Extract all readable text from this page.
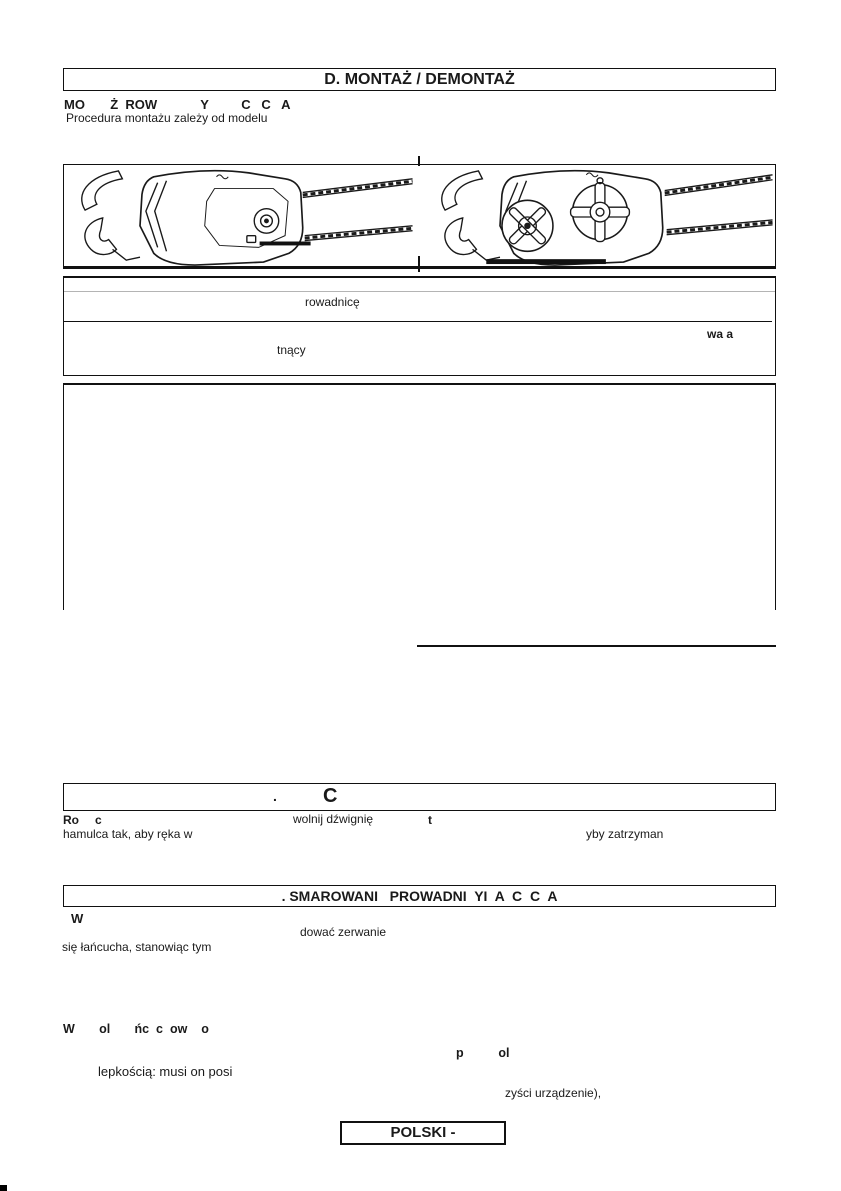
D. MONTAŻ / DEMONTAŻ
MO       Ż  ROW            Y         C   C   A
Procedura montażu zależy od modelu
rowadnicę
wa a
tnący
. C
Ro c	wolnij dźwignię	t
hamulca tak, aby ręka w	yby zatrzyman
. SMAROWANI   PROWADNI  YI  A  C  C  A
W
dować zerwanie
się łańcucha, stanowiąc tym
W       ol       ńc  c  ow    o
p          ol
lepkością: musi on posi
zyści urządzenie),
POLSKI -
